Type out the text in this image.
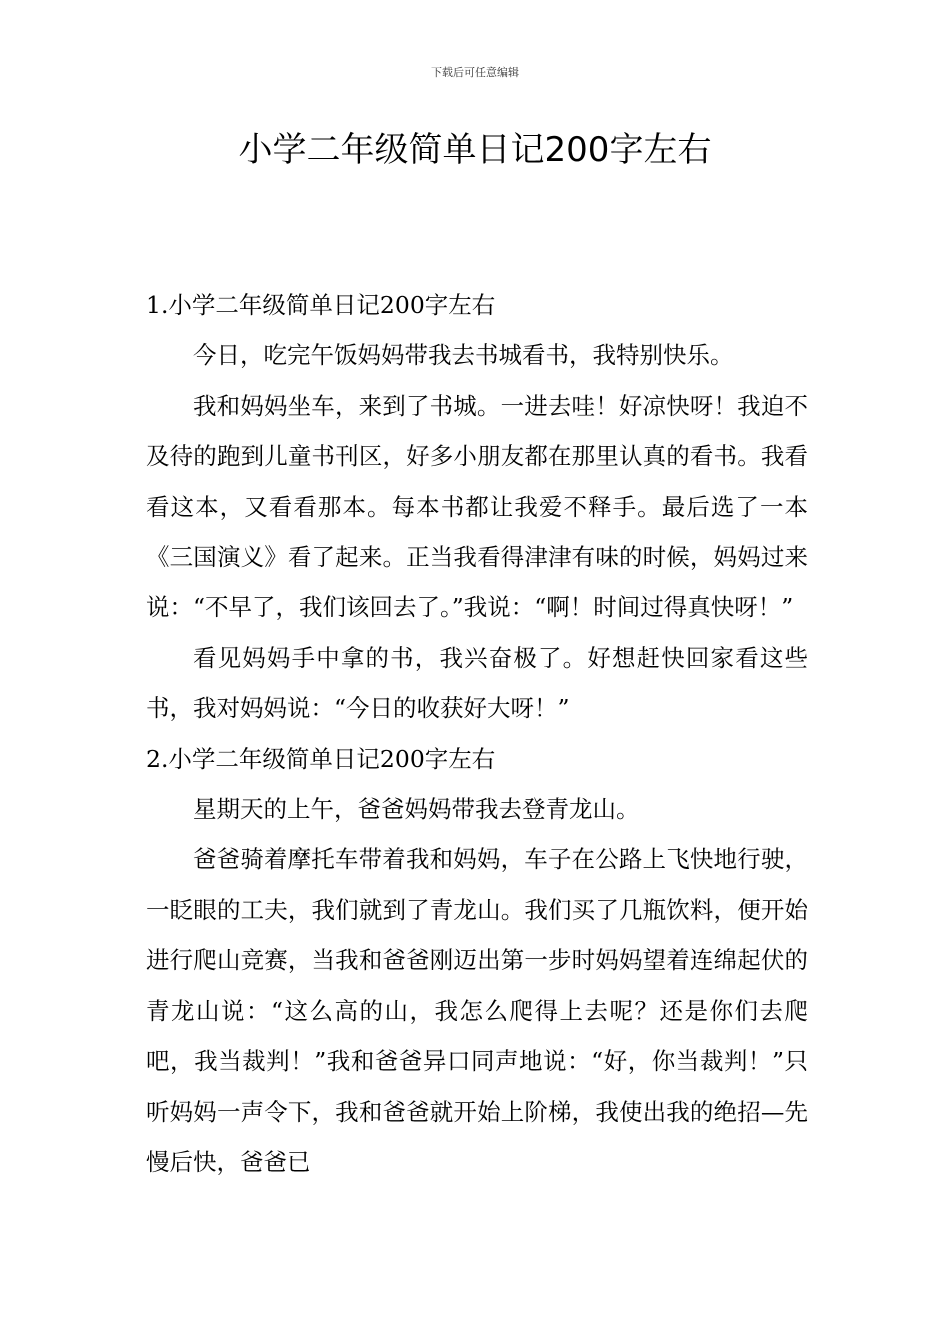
下载后可任意编辑
小学二年级简单日记200字左右

1.小学二年级简单日记200字左右

今日，吃完午饭妈妈带我去书城看书，我特别快乐。

我和妈妈坐车，来到了书城。一进去哇！好凉快呀！我迫不及待的跑到儿童书刊区，好多小朋友都在那里认真的看书。我看看这本，又看看那本。每本书都让我爱不释手。最后选了一本《三国演义》看了起来。正当我看得津津有味的时候，妈妈过来说：“不早了，我们该回去了。”我说：“啊！时间过得真快呀！”

看见妈妈手中拿的书，我兴奋极了。好想赶快回家看这些书，我对妈妈说：“今日的收获好大呀！”

2.小学二年级简单日记200字左右

星期天的上午，爸爸妈妈带我去登青龙山。

爸爸骑着摩托车带着我和妈妈，车子在公路上飞快地行驶，一眨眼的工夫，我们就到了青龙山。我们买了几瓶饮料，便开始进行爬山竞赛，当我和爸爸刚迈出第一步时妈妈望着连绵起伏的青龙山说：“这么高的山，我怎么爬得上去呢？还是你们去爬吧，我当裁判！”我和爸爸异口同声地说：“好，你当裁判！”只听妈妈一声令下，我和爸爸就开始上阶梯，我使出我的绝招—先慢后快，爸爸已
